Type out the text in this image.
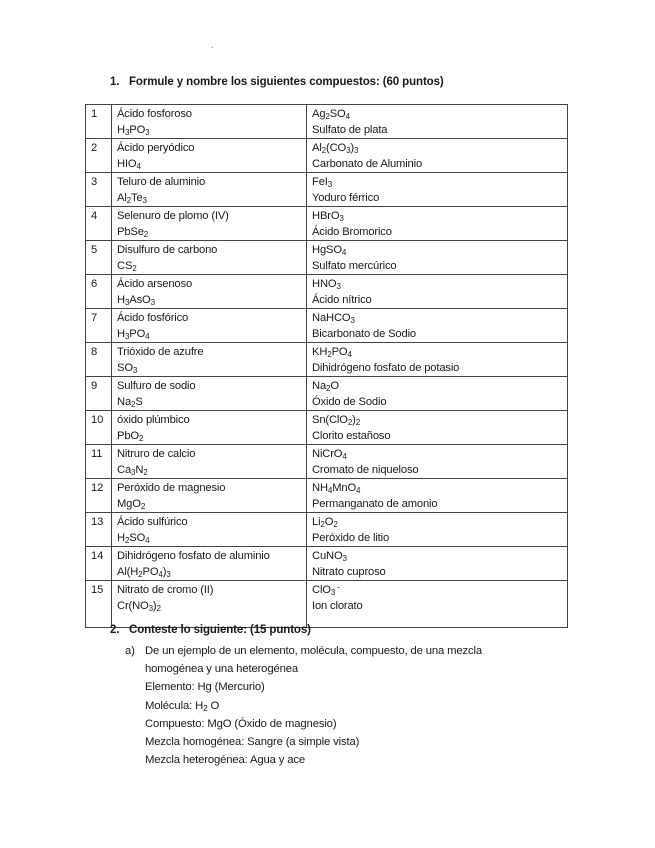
.
1. Formule y nombre los siguientes compuestos: (60 puntos)
1	Ácido fosforoso
$H_3PO_3$	$Ag_2SO_4$
Sulfato de plata

2	Ácido peryódico
$HIO_4$	$Al_2(CO_3)_3$
Carbonato de Aluminio

3	Teluro de aluminio
$Al_2Te_3$	FeI$_3$
Yoduro férrico

4	Selenuro de plomo (IV)
PbSe$_2$	HBrO$_3$
Ácido Bromorico

5	Disulfuro de carbono
$CS_2$	HgSO$_4$
Sulfato mercúrico

6	Ácido arsenoso
$H_3AsO_3$	$HNO_3$
Ácido nítrico

7	Ácido fosfórico
$H_3PO_4$	NaHCO$_3$
Bicarbonato de Sodio

8	Trióxido de azufre
$SO_3$	$KH_2PO_4$
Dihidrógeno fosfato de potasio

9	Sulfuro de sodio
$Na_2S$	$Na_2O$
Óxido de Sodio

10	óxido plúmbico
PbO$_2$	$Sn(ClO_2)_2$
Clorito estañoso

11	Nitruro de calcio
$Ca_3N_2$	NiCrO$_4$
Cromato de niqueloso

12	Peróxido de magnesio
MgO$_2$	$NH_4MnO_4$
Permanganato de amonio

13	Ácido sulfúrico
$H_2SO_4$	$Li_2O_2$
Peróxido de litio

14	Dihidrógeno fosfato de aluminio
$Al(H_2PO_4)_3$	CuNO$_3$
Nitrato cuproso

15	Nitrato de cromo (II)
$Cr(NO_3)_2$	ClO$_3$ -
Ion clorato
2. Conteste lo siguiente: (15 puntos)
a) De un ejemplo de un elemento, molécula, compuesto, de una mezcla
homogénea y una heterogénea
Elemento: Hg (Mercurio)
Molécula: $H_2$ O
Compuesto: MgO (Óxido de magnesio)
Mezcla homogénea: Sangre (a simple vista)
Mezcla heterogénea: Agua y ace
